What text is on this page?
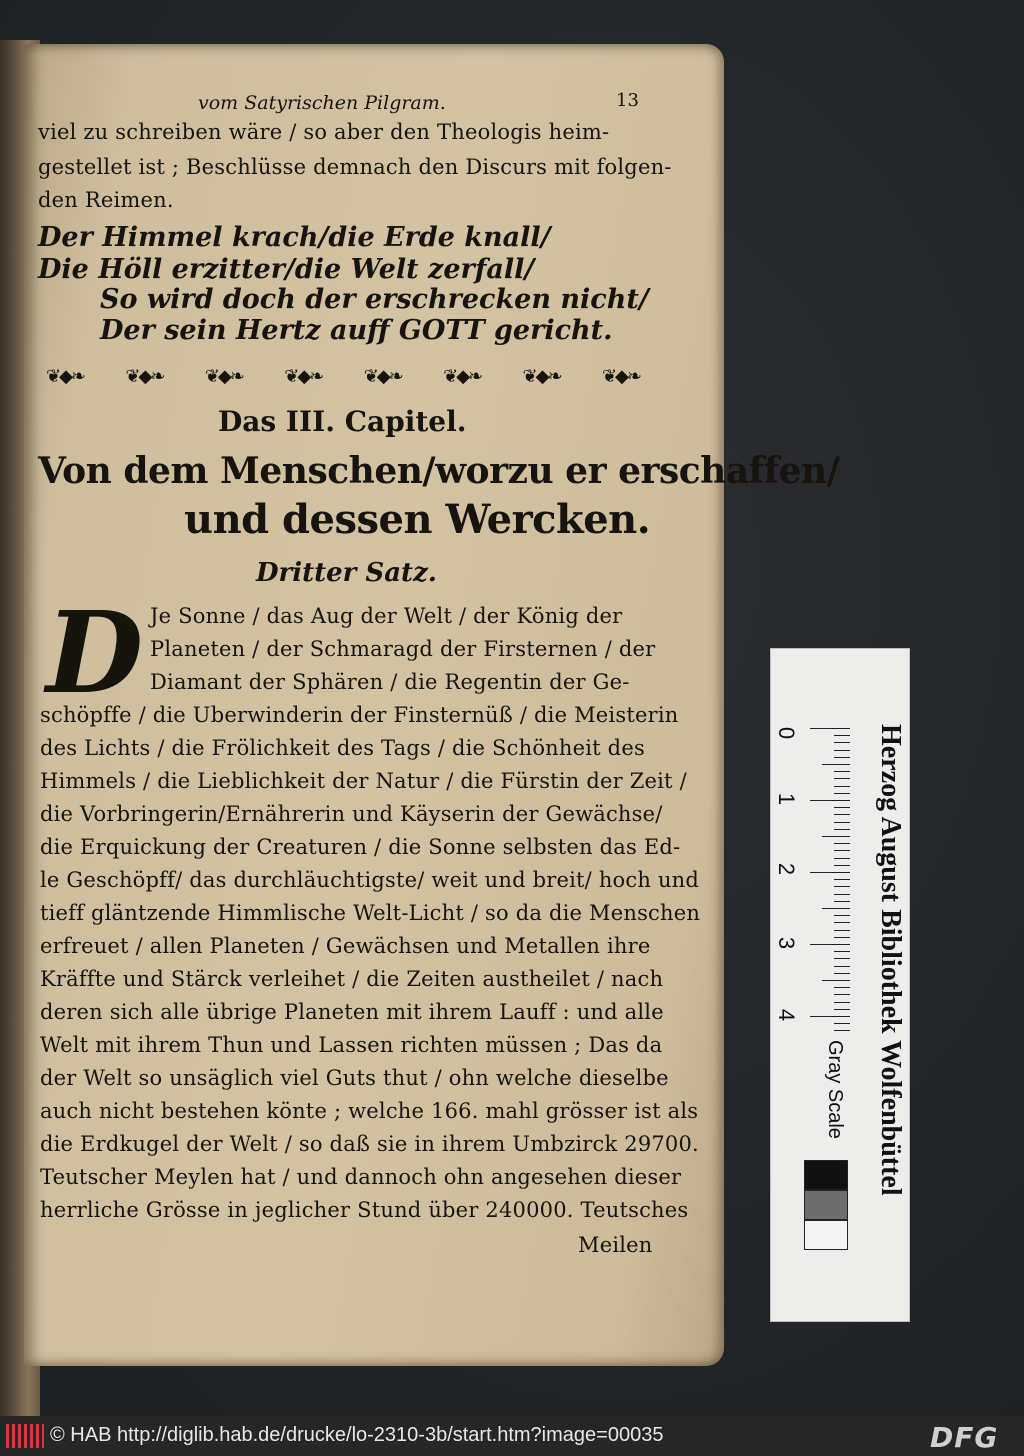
vom Satyrischen Pilgram.	13
viel zu schreiben wäre / so aber den Theologis heim-
gestellet ist ; Beschlüsse demnach den Discurs mit folgen-
den Reimen.
Der Himmel krach/die Erde knall/
Die Höll erzitter/die Welt zerfall/
So wird doch der erschrecken nicht/
Der sein Hertz auff GOTT gericht.
❦◆❧ ❦◆❧ ❦◆❧ ❦◆❧ ❦◆❧ ❦◆❧ ❦◆❧ ❦◆❧
Das III. Capitel.
Von dem Menschen/worzu er erschaffen/
und dessen Wercken.
Dritter Satz.
D Je Sonne / das Aug der Welt / der König der
Planeten / der Schmaragd der Firsternen / der
Diamant der Sphären / die Regentin der Ge-
schöpffe / die Uberwinderin der Finsternüß / die Meisterin
des Lichts / die Frölichkeit des Tags / die Schönheit des
Himmels / die Lieblichkeit der Natur / die Fürstin der Zeit /
die Vorbringerin/Ernährerin und Käyserin der Gewächse/
die Erquickung der Creaturen / die Sonne selbsten das Ed-
le Geschöpff/ das durchläuchtigste/ weit und breit/ hoch und
tieff gläntzende Himmlische Welt-Licht / so da die Menschen
erfreuet / allen Planeten / Gewächsen und Metallen ihre
Kräffte und Stärck verleihet / die Zeiten austheilet / nach
deren sich alle übrige Planeten mit ihrem Lauff : und alle
Welt mit ihrem Thun und Lassen richten müssen ; Das da
der Welt so unsäglich viel Guts thut / ohn welche dieselbe
auch nicht bestehen könte ; welche 166. mahl grösser ist als
die Erdkugel der Welt / so daß sie in ihrem Umbzirck 29700.
Teutscher Meylen hat / und dannoch ohn angesehen dieser
herrliche Grösse in jeglicher Stund über 240000. Teutsches
Meilen
Herzog August Bibliothek Wolfenbüttel
0
1
2
3
4
Gray Scale
© HAB http://diglib.hab.de/drucke/lo-2310-3b/start.htm?image=00035	DFG
